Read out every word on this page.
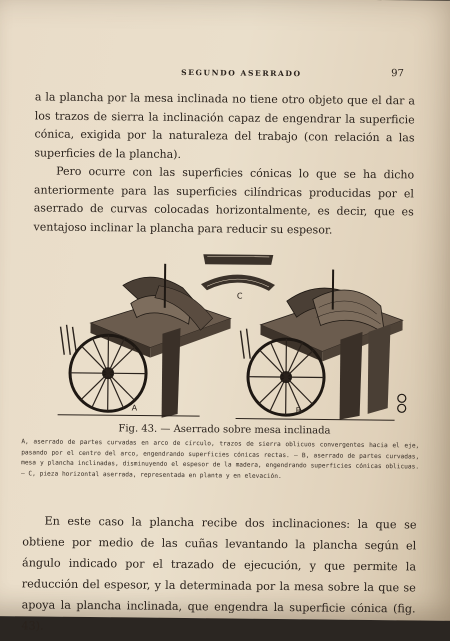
SEGUNDO ASERRADO	97

a la plancha por la mesa inclinada no tiene otro objeto que el dar a los trazos de sierra la inclinación capaz de engendrar la superficie cónica, exigida por la naturaleza del trabajo (con relación a las superficies de la plancha).

Pero ocurre con las superficies cónicas lo que se ha dicho anteriormente para las superficies cilíndricas producidas por el aserrado de curvas colocadas horizontalmente, es decir, que es ventajoso inclinar la plancha para reducir su espesor.

C
A	B
Fig. 43. — Aserrado sobre mesa inclinada

A, aserrado de partes curvadas en arco de círculo, trazos de sierra oblicuos convergentes hacia el eje, pasando por el centro del arco, engendrando superficies cónicas rectas. — B, aserrado de partes curvadas, mesa y plancha inclinadas, disminuyendo el espesor de la madera, engendrando superficies cónicas oblicuas. — C, pieza horizontal aserrada, representada en planta y en elevación.

En este caso la plancha recibe dos inclinaciones: la que se obtiene por medio de las cuñas levantando la plancha según el ángulo indicado por el trazado de ejecución, y que permite la reducción del espesor, y la determinada por la mesa sobre la que se apoya la plancha inclinada, que engendra la superficie cónica (fig. 43).
